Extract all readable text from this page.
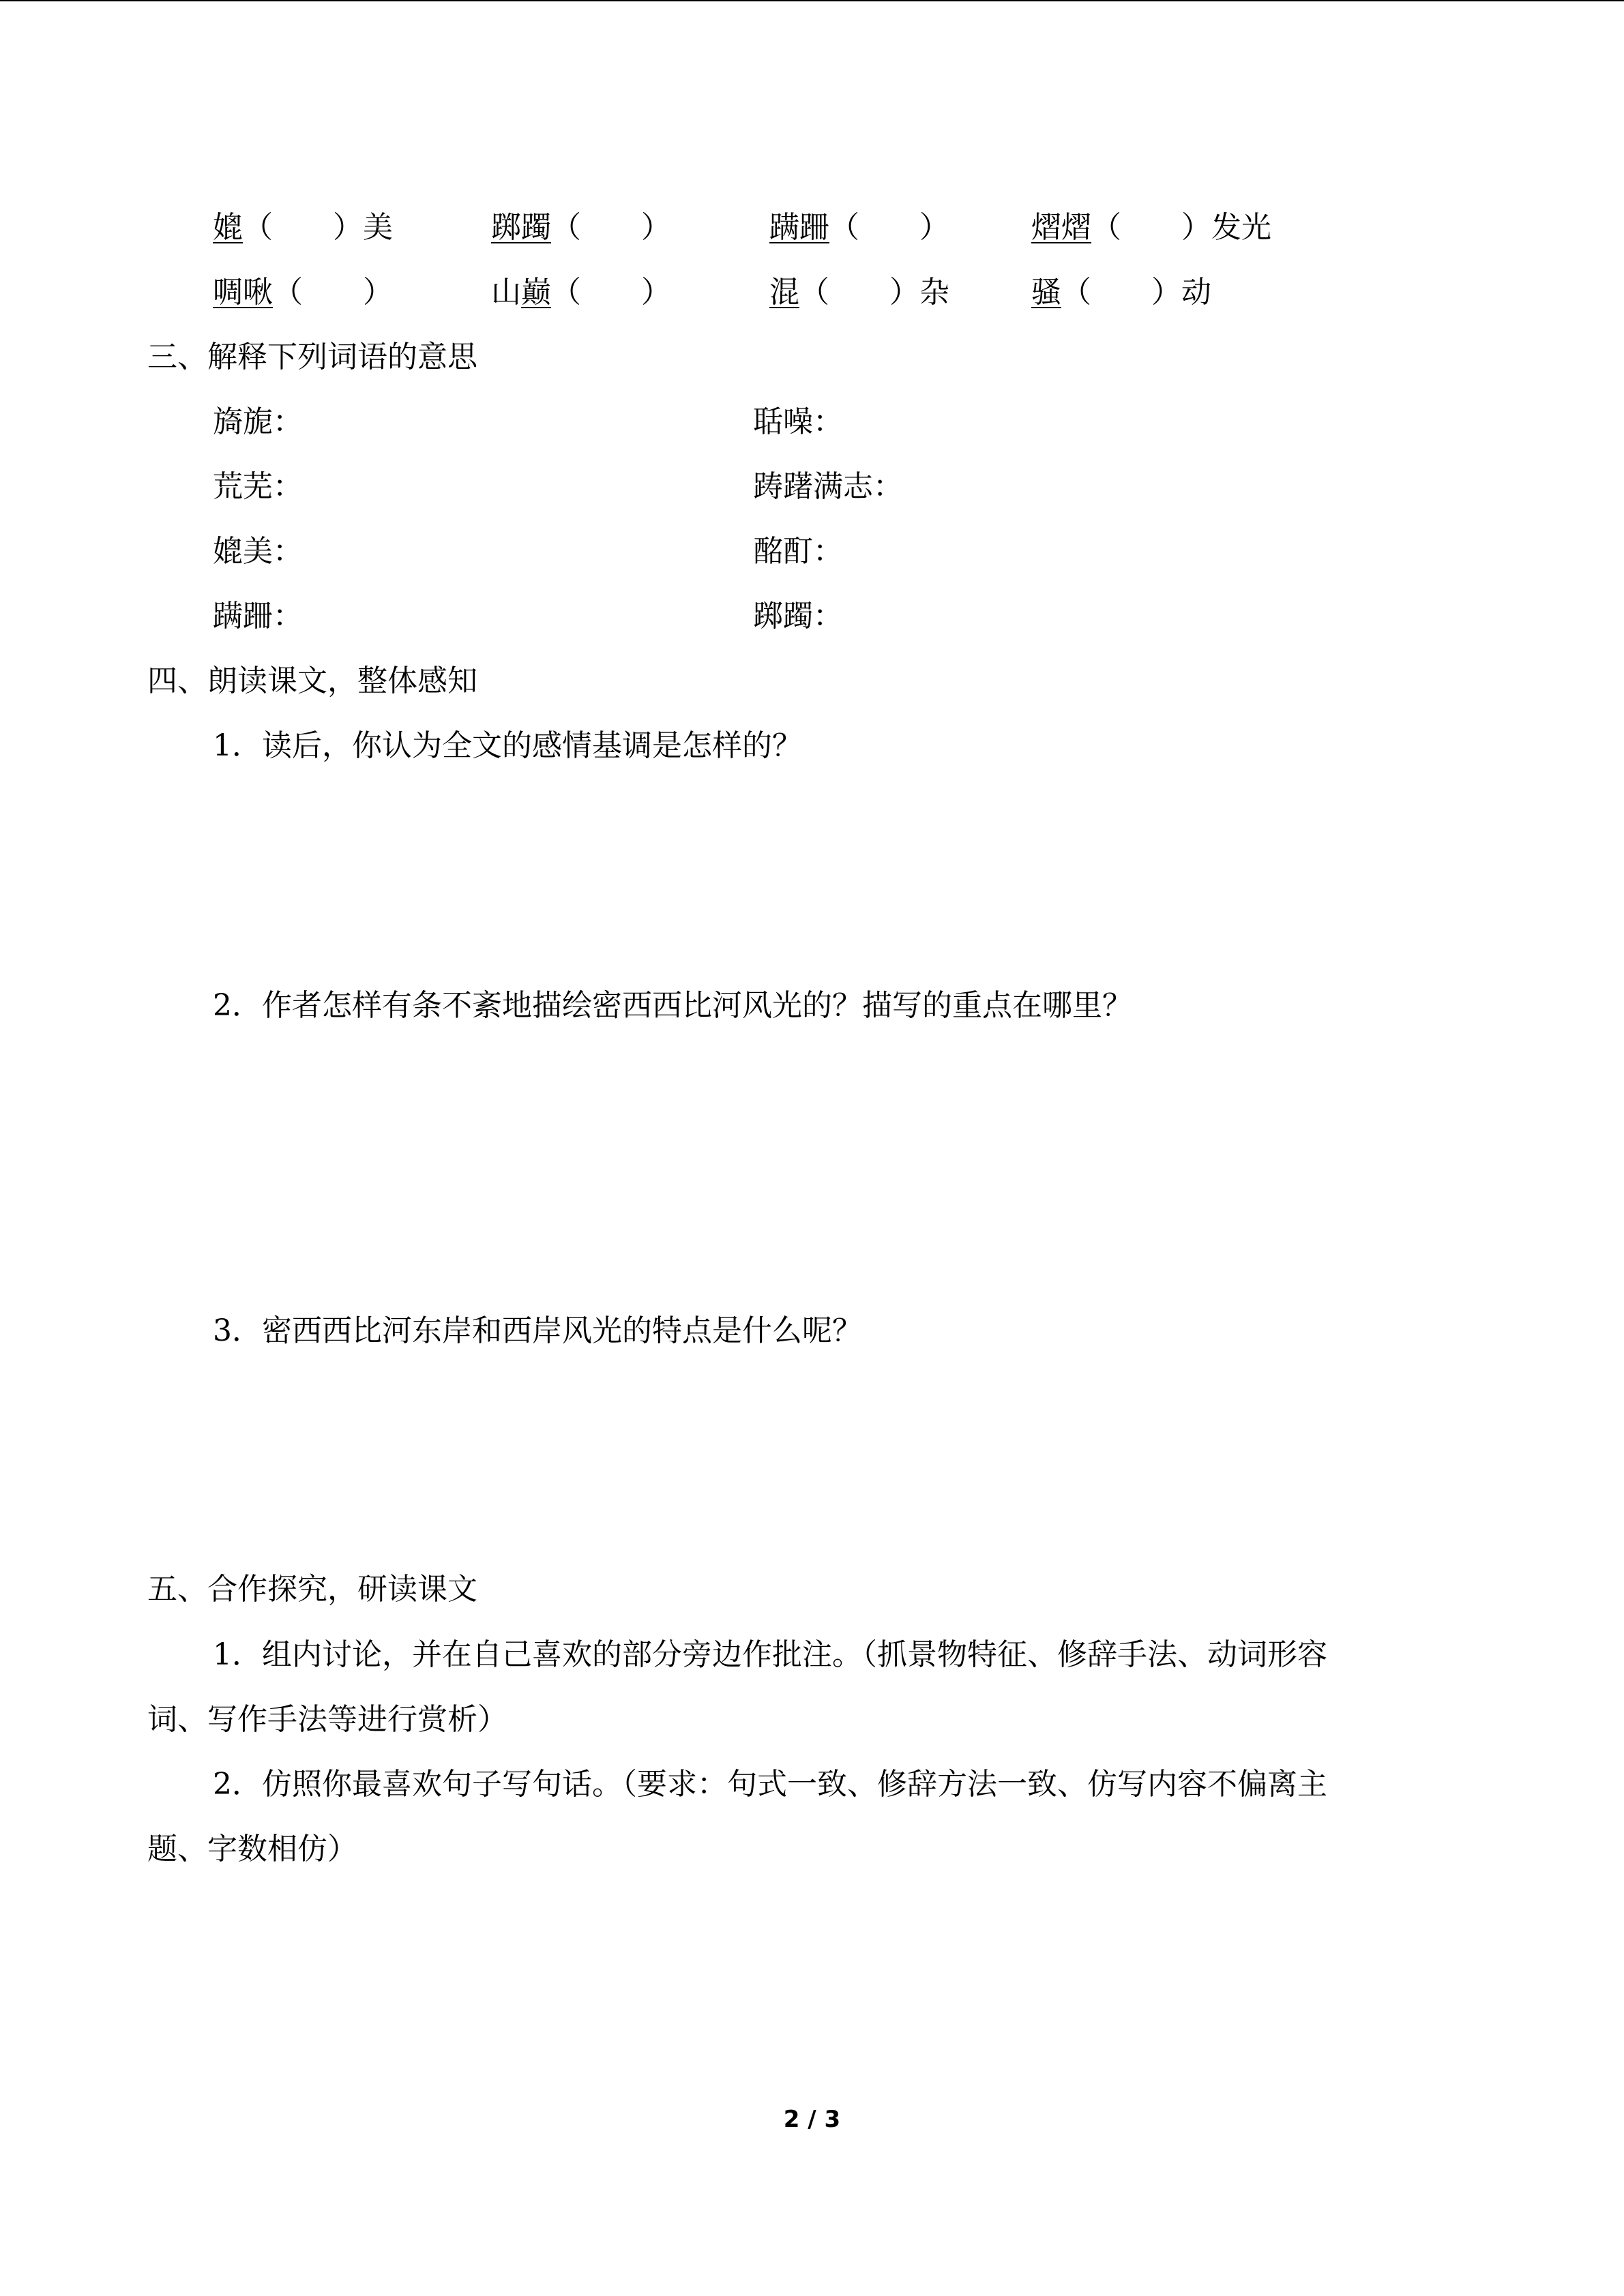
媲（　　）美	踯躅（　　）	蹒跚（　　）	熠熠（　　）发光
啁啾（　　）	山巅（　　）	混（　　）杂	骚（　　）动
三、解释下列词语的意思
旖旎：	聒噪：
荒芜：	踌躇满志：
媲美：	酩酊：
蹒跚：	踯躅：
四、朗读课文，整体感知
1．读后，你认为全文的感情基调是怎样的？
2．作者怎样有条不紊地描绘密西西比河风光的？描写的重点在哪里？
3．密西西比河东岸和西岸风光的特点是什么呢？
五、合作探究，研读课文
1．组内讨论，并在自己喜欢的部分旁边作批注。（抓景物特征、修辞手法、动词形容
词、写作手法等进行赏析）
2．仿照你最喜欢句子写句话。（要求：句式一致、修辞方法一致、仿写内容不偏离主
题、字数相仿）
2 / 3
